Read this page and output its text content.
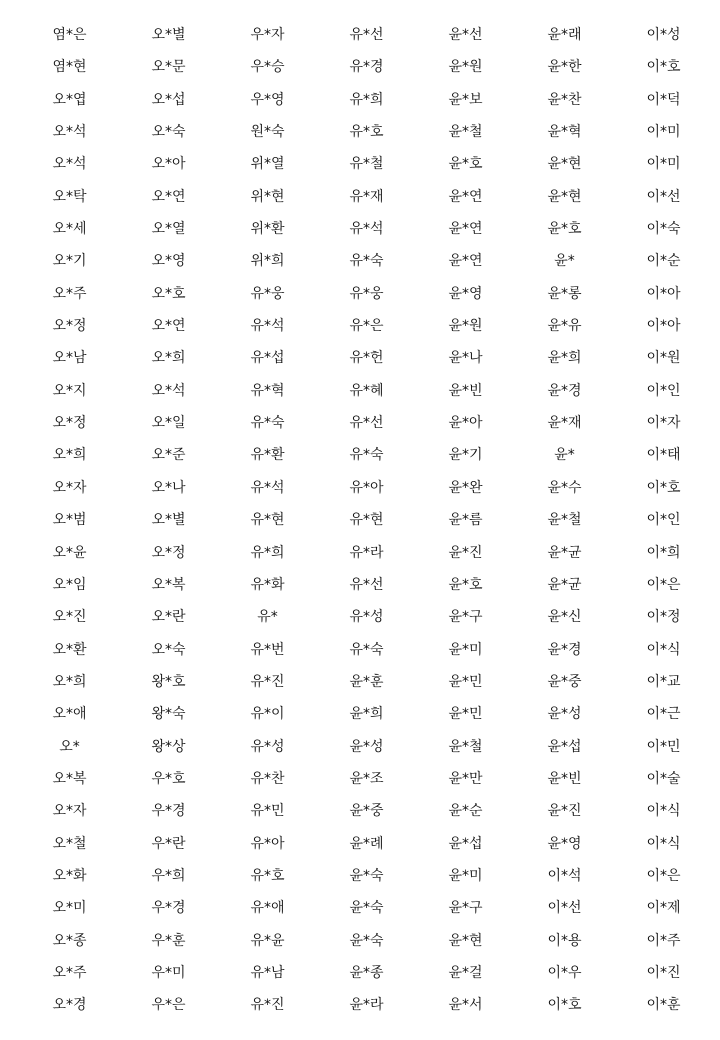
염*은	오*별	우*자	유*선	윤*선	윤*래	이*성
염*현	오*문	우*승	유*경	윤*원	윤*한	이*호
오*엽	오*섭	우*영	유*희	윤*보	윤*찬	이*덕
오*석	오*숙	원*숙	유*호	윤*철	윤*혁	이*미
오*석	오*아	위*열	유*철	윤*호	윤*현	이*미
오*탁	오*연	위*현	유*재	윤*연	윤*현	이*선
오*세	오*열	위*환	유*석	윤*연	윤*호	이*숙
오*기	오*영	위*희	유*숙	윤*연	윤*	이*순
오*주	오*호	유*웅	유*웅	윤*영	윤*롱	이*아
오*정	오*연	유*석	유*은	윤*원	윤*유	이*아
오*남	오*희	유*섭	유*헌	윤*나	윤*희	이*원
오*지	오*석	유*혁	유*혜	윤*빈	윤*경	이*인
오*정	오*일	유*숙	유*선	윤*아	윤*재	이*자
오*희	오*준	유*환	유*숙	윤*기	윤*	이*태
오*자	오*나	유*석	유*아	윤*완	윤*수	이*호
오*범	오*별	유*현	유*현	윤*름	윤*철	이*인
오*윤	오*정	유*희	유*라	윤*진	윤*균	이*희
오*임	오*복	유*화	유*선	윤*호	윤*균	이*은
오*진	오*란	유*	유*성	윤*구	윤*신	이*정
오*환	오*숙	유*번	유*숙	윤*미	윤*경	이*식
오*희	왕*호	유*진	윤*훈	윤*민	윤*중	이*교
오*애	왕*숙	유*이	윤*희	윤*민	윤*성	이*근
오*	왕*상	유*성	윤*성	윤*철	윤*섭	이*민
오*복	우*호	유*찬	윤*조	윤*만	윤*빈	이*술
오*자	우*경	유*민	윤*중	윤*순	윤*진	이*식
오*철	우*란	유*아	윤*례	윤*섭	윤*영	이*식
오*화	우*희	유*호	윤*숙	윤*미	이*석	이*은
오*미	우*경	유*애	윤*숙	윤*구	이*선	이*제
오*종	우*훈	유*윤	윤*숙	윤*현	이*용	이*주
오*주	우*미	유*남	윤*종	윤*걸	이*우	이*진
오*경	우*은	유*진	윤*라	윤*서	이*호	이*훈
